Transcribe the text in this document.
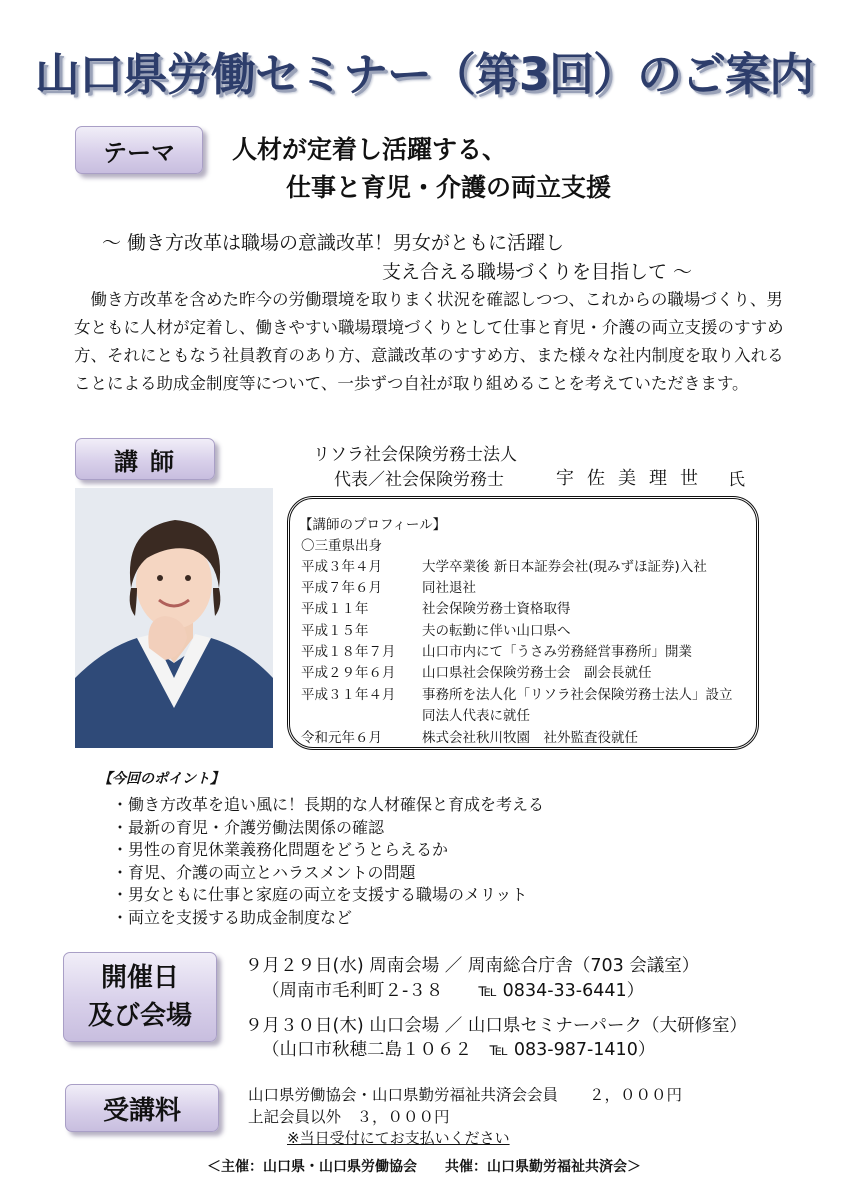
山口県労働セミナー（第3回）のご案内
テーマ	人材が定着し活躍する、
仕事と育児・介護の両立支援
～ 働き方改革は職場の意識改革！男女がともに活躍し
支え合える職場づくりを目指して ～
働き方改革を含めた昨今の労働環境を取りまく状況を確認しつつ、これからの職場づくり、男女ともに人材が定着し、働きやすい職場環境づくりとして仕事と育児・介護の両立支援のすすめ方、それにともなう社員教育のあり方、意識改革のすすめ方、また様々な社内制度を取り入れることによる助成金制度等について、一歩ずつ自社が取り組めることを考えていただきます。
講師	リソラ社会保険労務士法人
代表／社会保険労務士	宇佐美理世 氏
【講師のプロフィール】
〇三重県出身
平成３年４月	大学卒業後 新日本証券会社(現みずほ証券)入社
平成７年６月	同社退社
平成１１年	社会保険労務士資格取得
平成１５年	夫の転勤に伴い山口県へ
平成１８年７月 山口市内にて「うさみ労務経営事務所」開業
平成２９年６月 山口県社会保険労務士会　副会長就任
平成３１年４月 事務所を法人化「リソラ社会保険労務士法人」設立
同法人代表に就任
令和元年６月	株式会社秋川牧園　社外監査役就任
【今回のポイント】
・働き方改革を追い風に！長期的な人材確保と育成を考える
・最新の育児・介護労働法関係の確認
・男性の育児休業義務化問題をどうとらえるか
・育児、介護の両立とハラスメントの問題
・男女ともに仕事と家庭の両立を支援する職場のメリット
・両立を支援する助成金制度など
開催日
及び会場
９月２９日(水) 周南会場 ／ 周南総合庁舎（703 会議室）
（周南市毛利町２-３８　　℡ 0834-33-6441）
９月３０日(木) 山口会場 ／ 山口県セミナーパーク（大研修室）
（山口市秋穂二島１０６２　℡ 083-987-1410）
受講料
山口県労働協会・山口県勤労福祉共済会会員　　２，０００円
上記会員以外　３，０００円
※当日受付にてお支払いください
＜主催：山口県・山口県労働協会　　共催：山口県勤労福祉共済会＞
